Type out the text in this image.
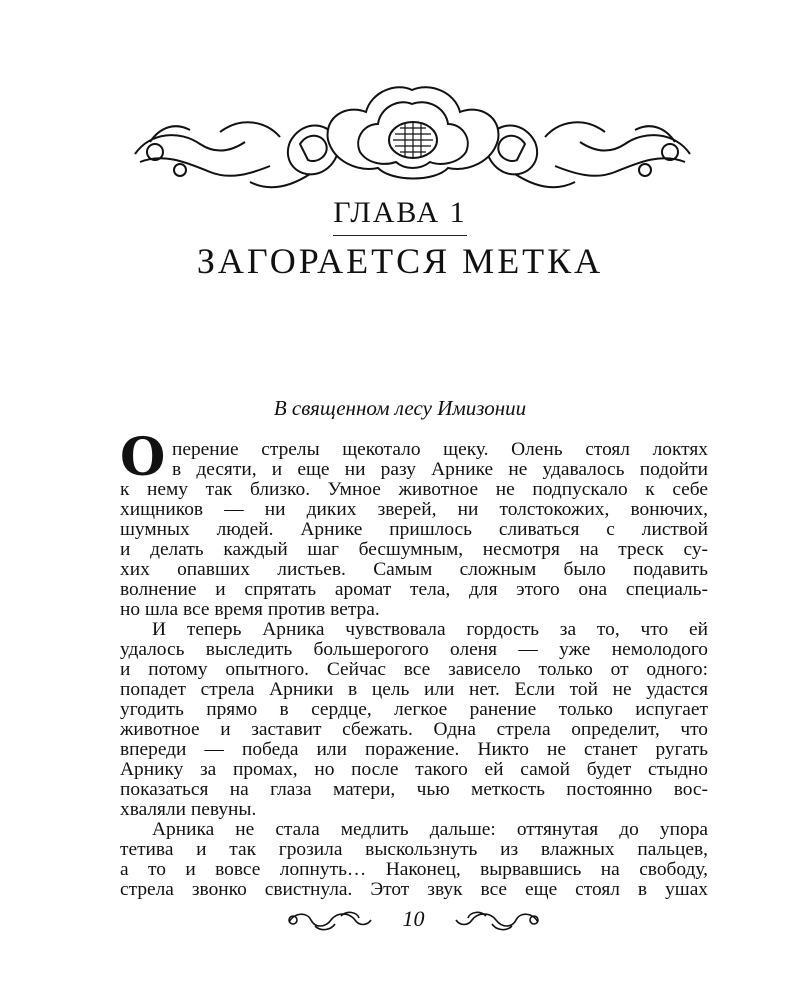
ГЛАВА 1
ЗАГОРАЕТСЯ МЕТКА
В священном лесу Имизонии
О перение стрелы щекотало щеку. Олень стоял локтях
в десяти, и еще ни разу Арнике не удавалось подойти
к нему так близко. Умное животное не подпускало к себе
хищников — ни диких зверей, ни толстокожих, вонючих,
шумных людей. Арнике пришлось сливаться с листвой
и делать каждый шаг бесшумным, несмотря на треск су-
хих опавших листьев. Самым сложным было подавить
волнение и спрятать аромат тела, для этого она специаль-
но шла все время против ветра.
И теперь Арника чувствовала гордость за то, что ей
удалось выследить большерогого оленя — уже немолодого
и потому опытного. Сейчас все зависело только от одного:
попадет стрела Арники в цель или нет. Если той не удастся
угодить прямо в сердце, легкое ранение только испугает
животное и заставит сбежать. Одна стрела определит, что
впереди — победа или поражение. Никто не станет ругать
Арнику за промах, но после такого ей самой будет стыдно
показаться на глаза матери, чью меткость постоянно вос-
хваляли певуны.
Арника не стала медлить дальше: оттянутая до упора
тетива и так грозила выскользнуть из влажных пальцев,
а то и вовсе лопнуть… Наконец, вырвавшись на свободу,
стрела звонко свистнула. Этот звук все еще стоял в ушах
10
